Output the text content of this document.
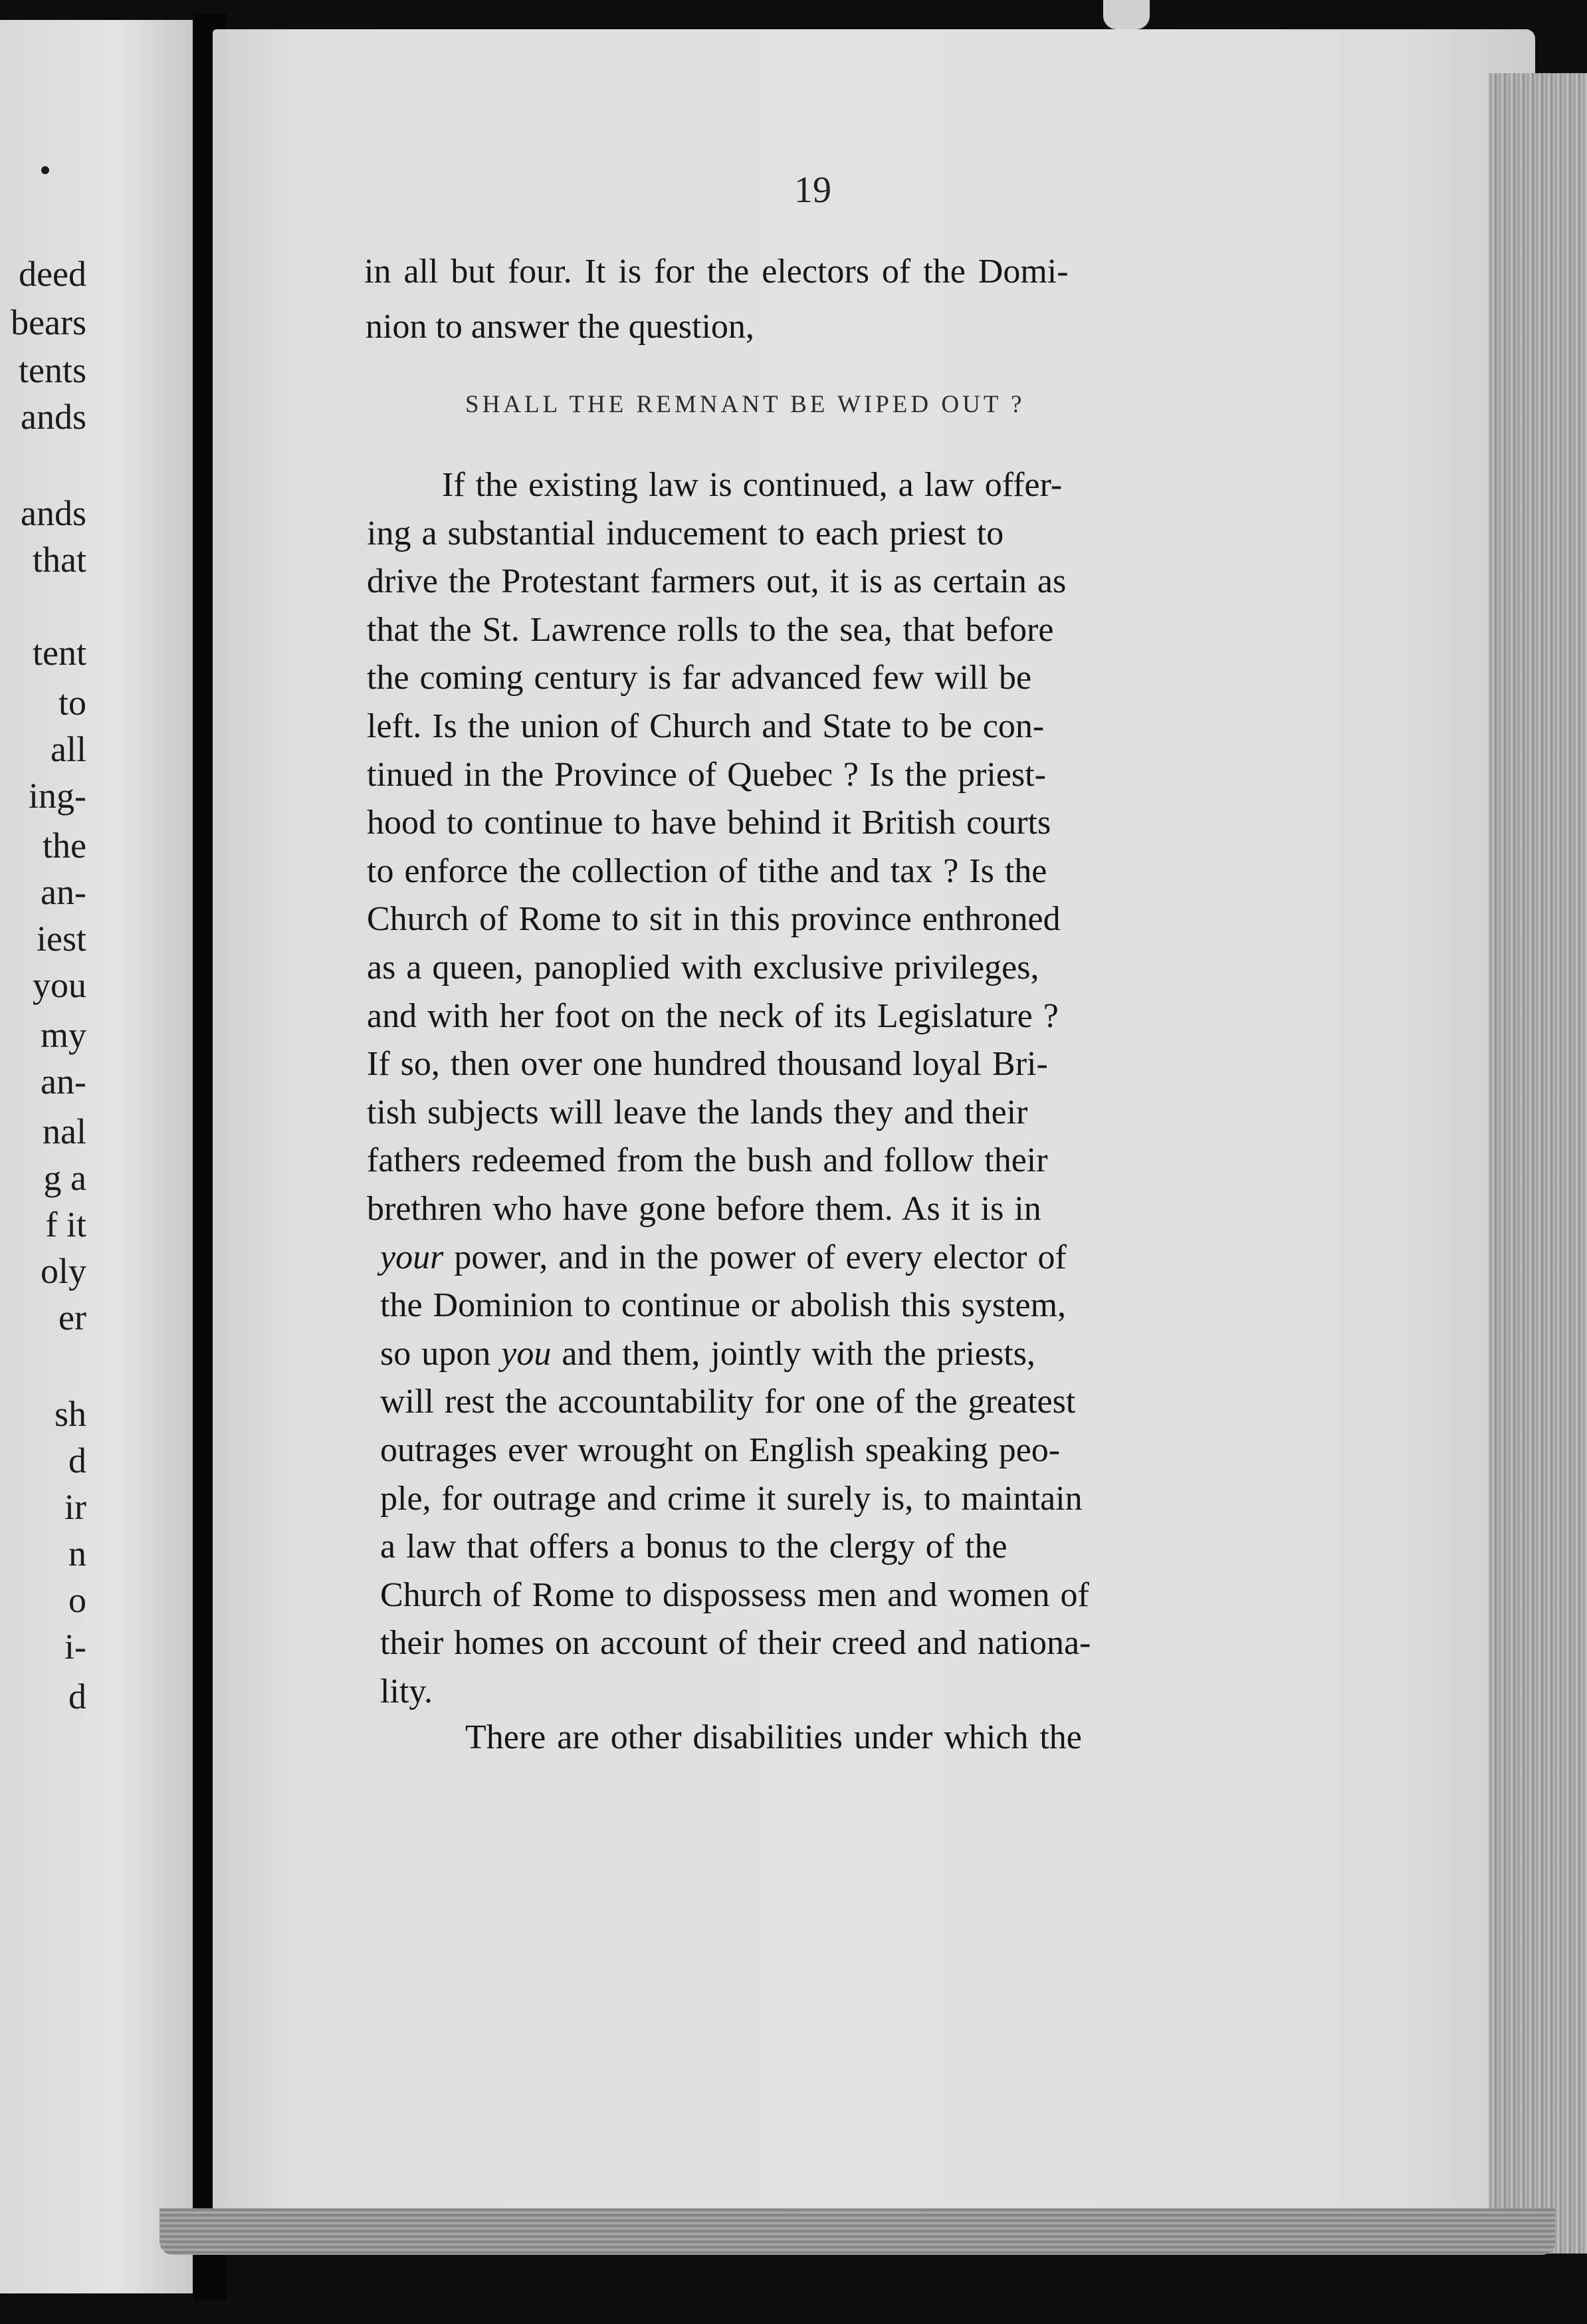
deed
bears
tents
ands
ands
that
tent
to
all
ing-
the
an-
iest
you
my
an-
nal
g a
f it
oly
er
sh
d
ir
n
o
i-
d
19
in all but four. It is for the electors of the Domi-
nion to answer the question,
SHALL THE REMNANT BE WIPED OUT ?
If the existing law is continued, a law offer-
ing a substantial inducement to each priest to
drive the Protestant farmers out, it is as certain as
that the St. Lawrence rolls to the sea, that before
the coming century is far advanced few will be
left. Is the union of Church and State to be con-
tinued in the Province of Quebec ? Is the priest-
hood to continue to have behind it British courts
to enforce the collection of tithe and tax ? Is the
Church of Rome to sit in this province enthroned
as a queen, panoplied with exclusive privileges,
and with her foot on the neck of its Legislature ?
If so, then over one hundred thousand loyal Bri-
tish subjects will leave the lands they and their
fathers redeemed from the bush and follow their
brethren who have gone before them. As it is in
your power, and in the power of every elector of
the Dominion to continue or abolish this system,
so upon you and them, jointly with the priests,
will rest the accountability for one of the greatest
outrages ever wrought on English speaking peo-
ple, for outrage and crime it surely is, to maintain
a law that offers a bonus to the clergy of the
Church of Rome to dispossess men and women of
their homes on account of their creed and nationa-
lity.
There are other disabilities under which the
